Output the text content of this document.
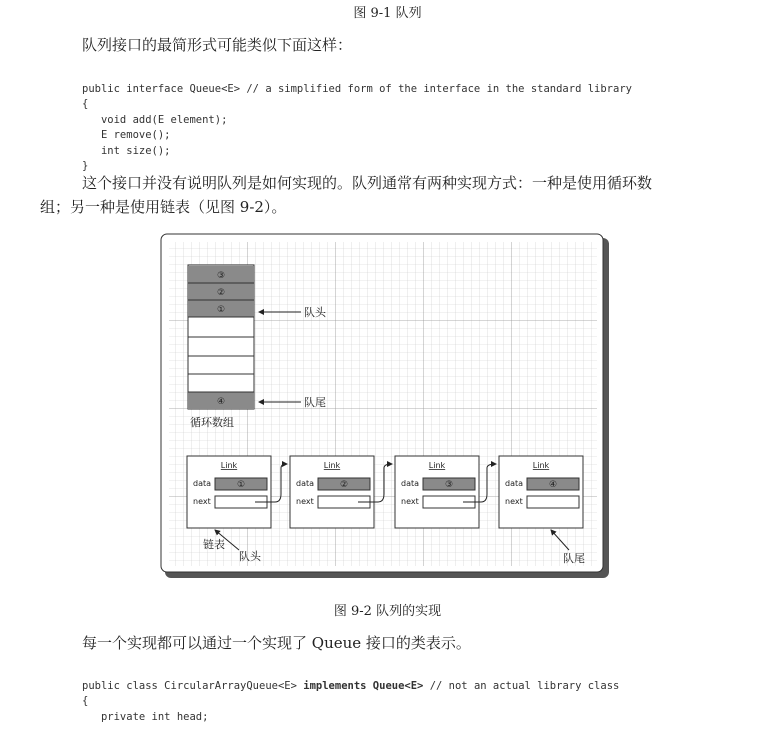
图 9-1 队列
队列接口的最简形式可能类似下面这样：

public interface Queue<E> // a simplified form of the interface in the standard library
{
void add(E element);
E remove();
int size();
}

这个接口并没有说明队列是如何实现的。队列通常有两种实现方式：一种是使用循环数
组；另一种是使用链表（见图 9-2）。
③
②
①
④
队头
队尾
循环数组
Link
data	①
next
Link
data	②
next
Link
data	③
next
Link
data	④
next
链表
队头	队尾
图 9-2 队列的实现
每一个实现都可以通过一个实现了 Queue 接口的类表示。

public class CircularArrayQueue<E> implements Queue<E> // not an actual library class
{
private int head;
